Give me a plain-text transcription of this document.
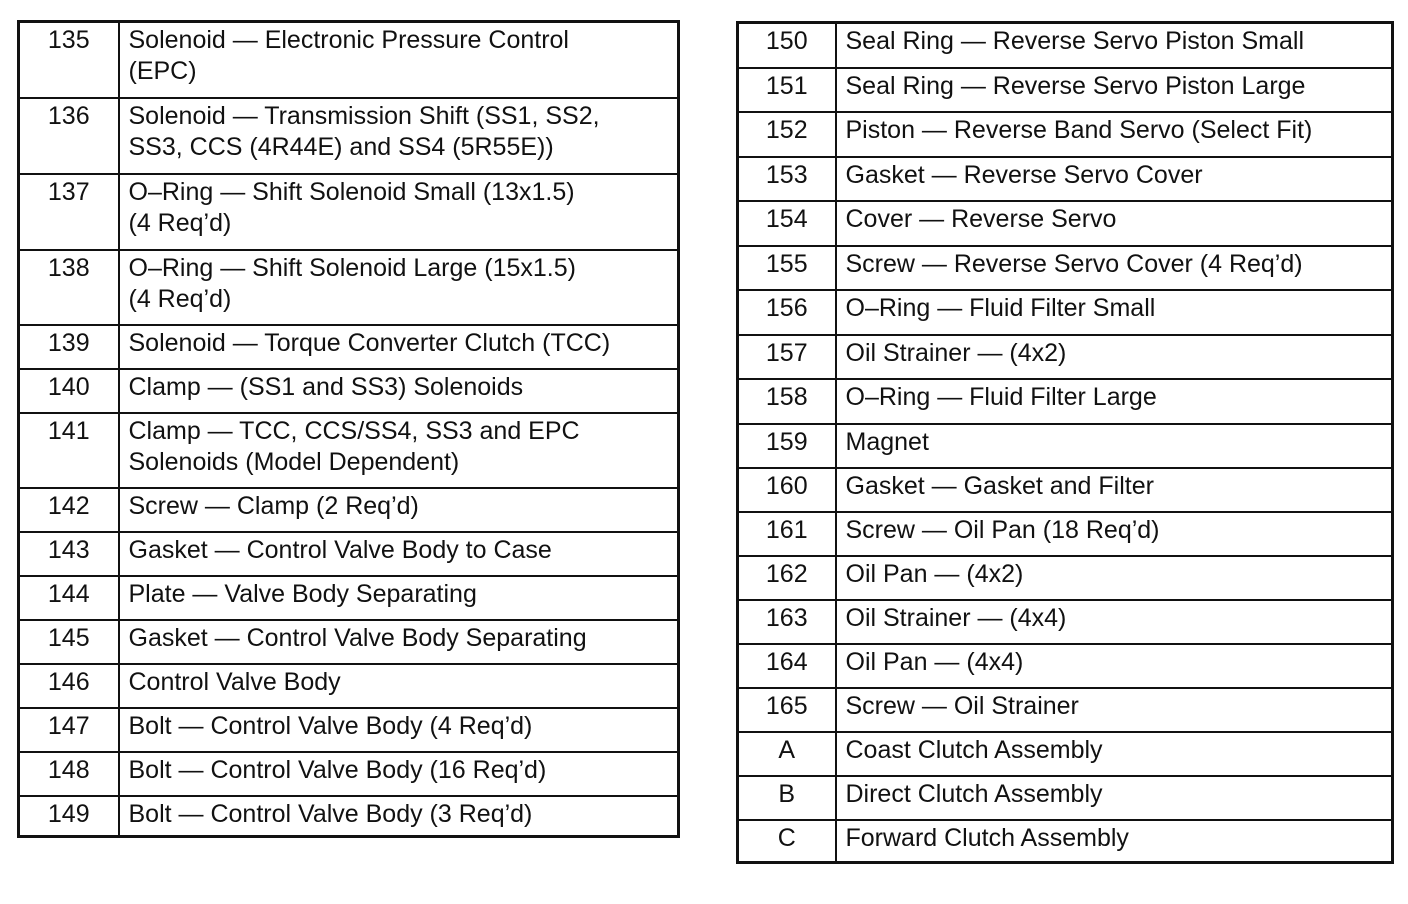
135	Solenoid — Electronic Pressure Control
(EPC)
136	Solenoid — Transmission Shift (SS1, SS2,
SS3, CCS (4R44E) and SS4 (5R55E))
137	O–Ring — Shift Solenoid Small (13x1.5)
(4 Req’d)
138	O–Ring — Shift Solenoid Large (15x1.5)
(4 Req’d)
139	Solenoid — Torque Converter Clutch (TCC)
140	Clamp — (SS1 and SS3) Solenoids
141	Clamp — TCC, CCS/SS4, SS3 and EPC
Solenoids (Model Dependent)
142	Screw — Clamp (2 Req’d)
143	Gasket — Control Valve Body to Case
144	Plate — Valve Body Separating
145	Gasket — Control Valve Body Separating
146	Control Valve Body
147	Bolt — Control Valve Body (4 Req’d)
148	Bolt — Control Valve Body (16 Req’d)
149	Bolt — Control Valve Body (3 Req’d)
150	Seal Ring — Reverse Servo Piston Small
151	Seal Ring — Reverse Servo Piston Large
152	Piston — Reverse Band Servo (Select Fit)
153	Gasket — Reverse Servo Cover
154	Cover — Reverse Servo
155	Screw — Reverse Servo Cover (4 Req’d)
156	O–Ring — Fluid Filter Small
157	Oil Strainer — (4x2)
158	O–Ring — Fluid Filter Large
159	Magnet
160	Gasket — Gasket and Filter
161	Screw — Oil Pan (18 Req’d)
162	Oil Pan — (4x2)
163	Oil Strainer — (4x4)
164	Oil Pan — (4x4)
165	Screw — Oil Strainer
A	Coast Clutch Assembly
B	Direct Clutch Assembly
C	Forward Clutch Assembly
